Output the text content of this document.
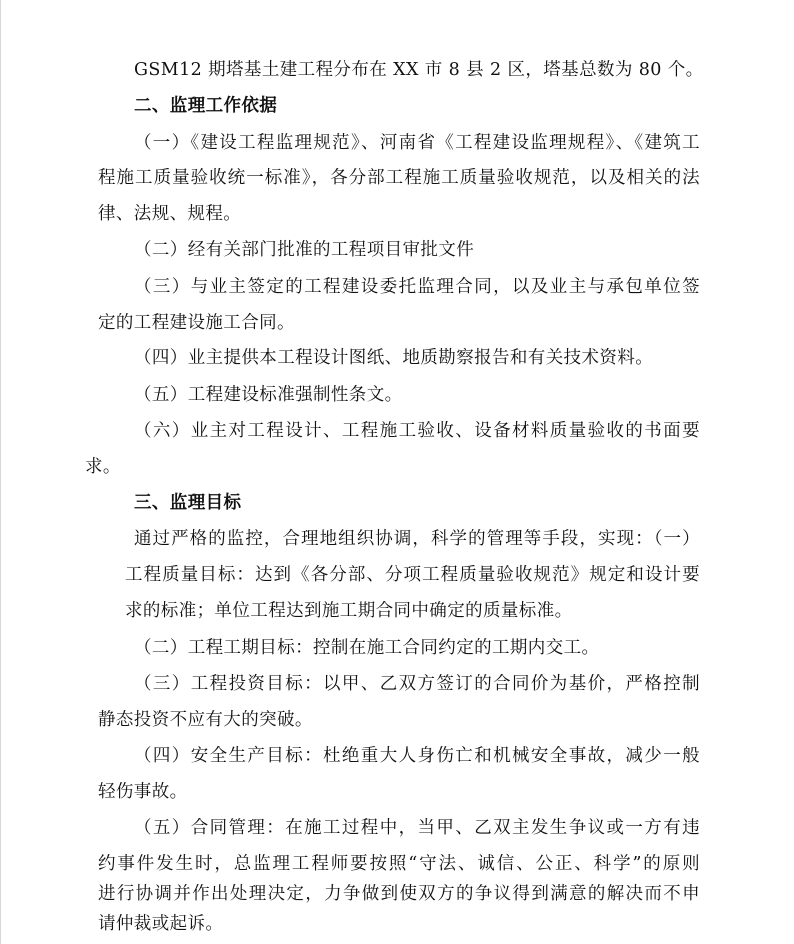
GSM12 期塔基土建工程分布在 XX 市 8 县 2 区，塔基总数为 80 个。
二、监理工作依据
（一）《建设工程监理规范》、河南省《工程建设监理规程》、《建筑工
程施工质量验收统一标准》，各分部工程施工质量验收规范，以及相关的法
律、法规、规程。
（二）经有关部门批准的工程项目审批文件
（三）与业主签定的工程建设委托监理合同，以及业主与承包单位签
定的工程建设施工合同。
（四）业主提供本工程设计图纸、地质勘察报告和有关技术资料。
（五）工程建设标准强制性条文。
（六）业主对工程设计、工程施工验收、设备材料质量验收的书面要
求。
三、监理目标
通过严格的监控，合理地组织协调，科学的管理等手段，实现：（一）
工程质量目标：达到《各分部、分项工程质量验收规范》规定和设计要
求的标准；单位工程达到施工期合同中确定的质量标准。
（二）工程工期目标：控制在施工合同约定的工期内交工。
（三）工程投资目标：以甲、乙双方签订的合同价为基价，严格控制
静态投资不应有大的突破。
（四）安全生产目标：杜绝重大人身伤亡和机械安全事故，减少一般
轻伤事故。
（五）合同管理：在施工过程中，当甲、乙双主发生争议或一方有违
约事件发生时，总监理工程师要按照“守法、诚信、公正、科学”的原则
进行协调并作出处理决定，力争做到使双方的争议得到满意的解决而不申
请仲裁或起诉。
